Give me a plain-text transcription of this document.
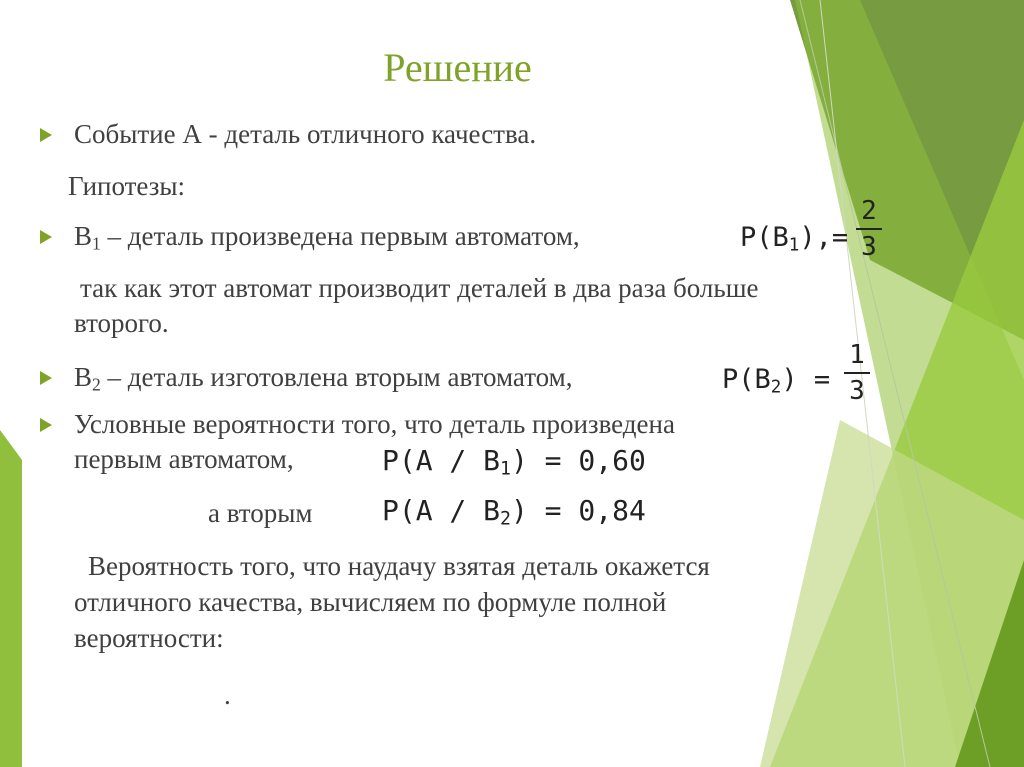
Решение
Событие А - деталь отличного качества.
Гипотезы:
$B_1$ – деталь произведена первым автоматом,	$P(B_1),=$
2
3
так как этот автомат производит деталей в два раза больше
второго.
$B_2$ – деталь изготовлена вторым автоматом,	$P(B_2)$ =
1
3
Условные вероятности того, что деталь произведена
первым автоматом,	$P(A / B_1) = 0,60$
а вторым $P(A / B_2) = 0,84$
Вероятность того, что наудачу взятая деталь окажется
отличного качества, вычисляем по формуле полной
вероятности:
.
